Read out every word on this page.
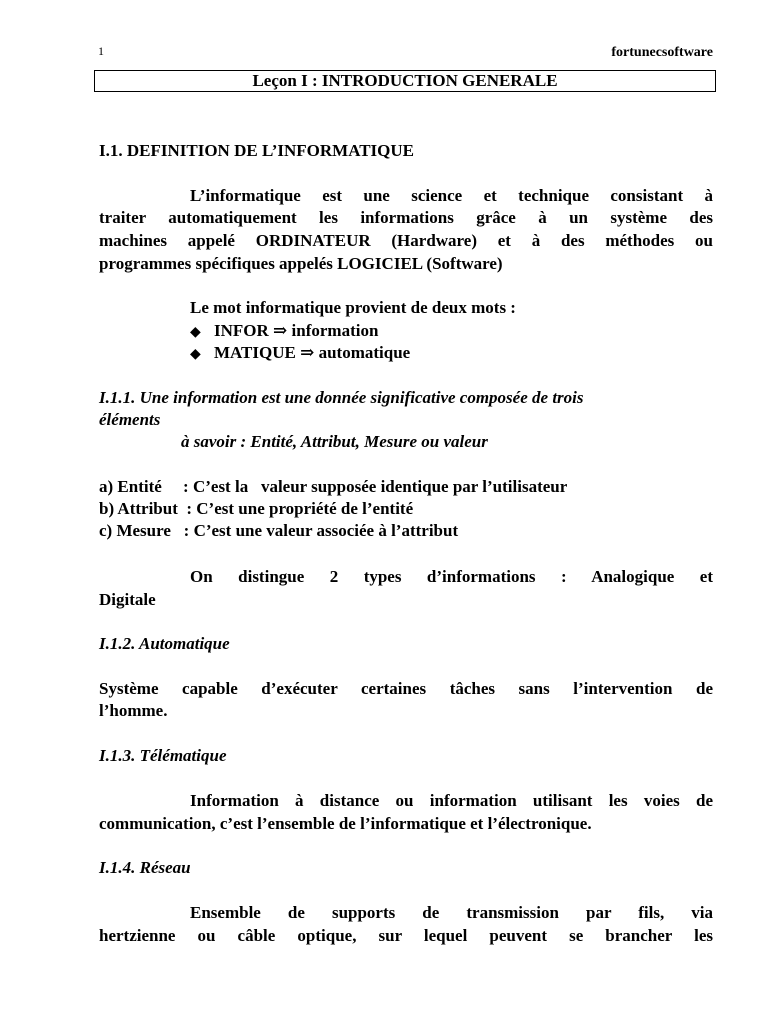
1	fortunecsoftware
Leçon I : INTRODUCTION GENERALE

I.1. DEFINITION DE L’INFORMATIQUE

L’informatique est une science et technique consistant à

traiter automatiquement les informations grâce à un système des

machines appelé ORDINATEUR (Hardware) et à des méthodes ou

programmes spécifiques appelés LOGICIEL (Software)

Le mot informatique provient de deux mots :

◆ INFOR ⇒ information

◆ MATIQUE ⇒ automatique

I.1.1. Une information est une donnée significative composée de trois

éléments

à savoir : Entité, Attribut, Mesure ou valeur

a) Entité     : C’est la   valeur supposée identique par l’utilisateur

b) Attribut  : C’est une propriété de l’entité

c) Mesure   : C’est une valeur associée à l’attribut

On distingue 2 types d’informations : Analogique et

Digitale

I.1.2. Automatique

Système capable d’exécuter certaines tâches sans l’intervention de

l’homme.

I.1.3. Télématique

Information à distance ou information utilisant les voies de

communication, c’est l’ensemble de l’informatique et l’électronique.

I.1.4. Réseau

Ensemble de supports de transmission par fils, via

hertzienne ou câble optique, sur lequel peuvent se brancher les
